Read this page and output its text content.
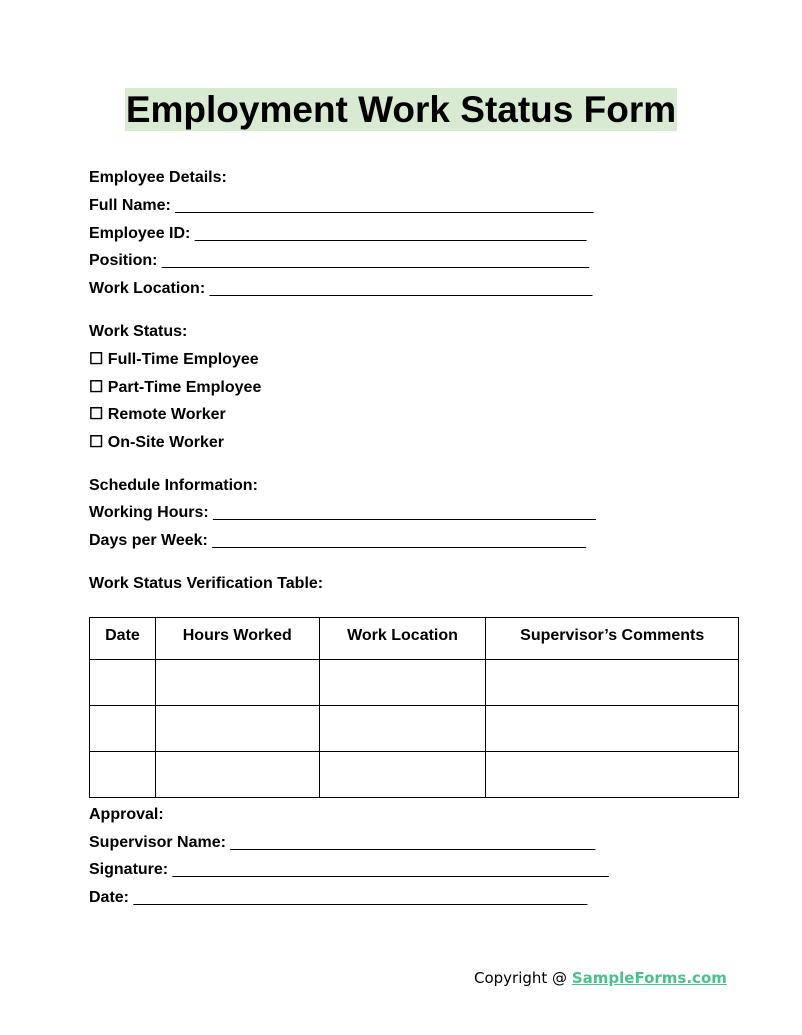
Employment Work Status Form
Employee Details:
Full Name: _______________________________________________
Employee ID: ____________________________________________
Position: ________________________________________________
Work Location: ___________________________________________
Work Status:
☐ Full-Time Employee
☐ Part-Time Employee
☐ Remote Worker
☐ On-Site Worker
Schedule Information:
Working Hours: ___________________________________________
Days per Week: __________________________________________
Work Status Verification Table:
Date	Hours Worked	Work Location	Supervisor’s Comments

Approval:
Supervisor Name: _________________________________________
Signature: _________________________________________________
Date: ___________________________________________________
Copyright @ SampleForms.com
